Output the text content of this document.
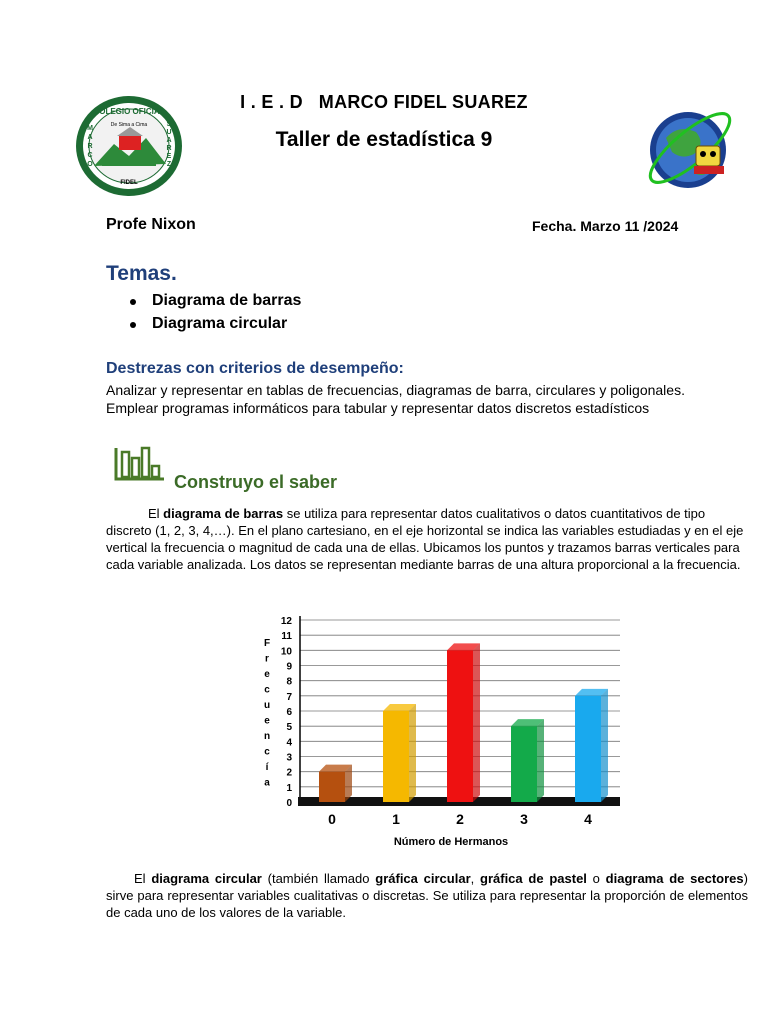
COLEGIO OFICIAL
De Sima a Cima
FIDEL
M
A
R
C
O
S
U
A
R
E
Z
I . E . D   MARCO FIDEL SUAREZ
Taller de estadística 9
Profe Nixon	Fecha. Marzo 11 /2024
Temas.
Diagrama de barras
Diagrama circular
Destrezas con criterios de desempeño:
Analizar y representar en tablas de frecuencias, diagramas de barra, circulares y poligonales.
Emplear programas informáticos para tabular y representar datos discretos estadísticos
Construyo el saber
El diagrama de barras se utiliza para representar datos cualitativos o datos cuantitativos de tipo discreto (1, 2, 3, 4,…). En el plano cartesiano, en el eje horizontal se indica las variables estudiadas y en el eje vertical la frecuencia o magnitud de cada una de ellas. Ubicamos los puntos y trazamos barras verticales para cada variable analizada. Los datos se representan mediante barras de una altura proporcional a la frecuencia.
0
1
2
3
4
5
6
7
8
9
10
11
12
0	1	2	3	4
F
r
e
c
u
e
n
c
í
a
Número de Hermanos
El diagrama circular (también llamado gráfica circular, gráfica de pastel o diagrama de sectores) sirve para representar variables cualitativas o discretas. Se utiliza para representar la proporción de elementos de cada uno de los valores de la variable.
